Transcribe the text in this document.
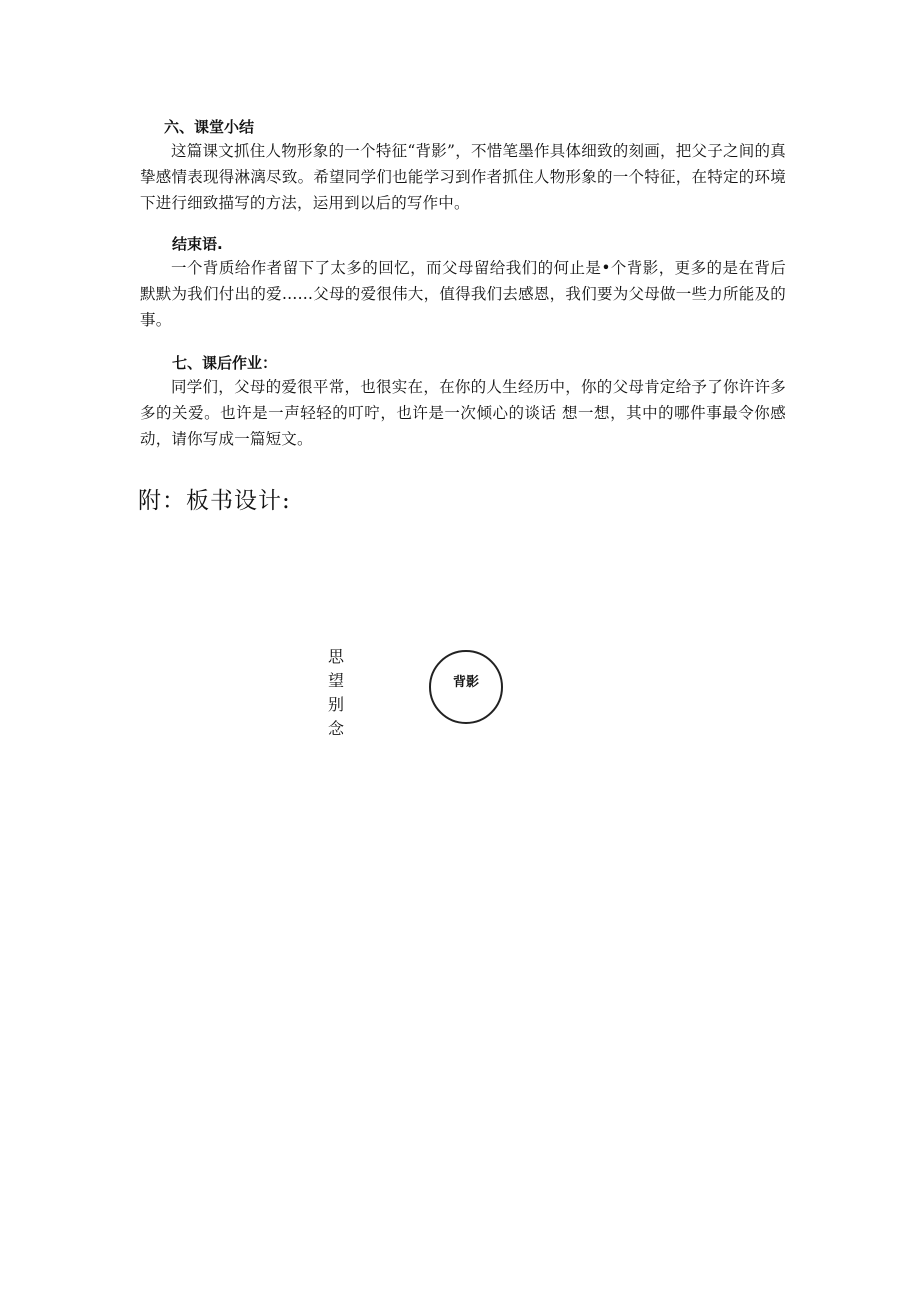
六、课堂小结

这篇课文抓住人物形象的一个特征“背影”，不惜笔墨作具体细致的刻画，把父子之间的真挚感情表现得淋漓尽致。希望同学们也能学习到作者抓住人物形象的一个特征，在特定的环境下进行细致描写的方法，运用到以后的写作中。

结束语.

一个背质给作者留下了太多的回忆，而父母留给我们的何止是•个背影，更多的是在背后默默为我们付出的爱……父母的爱很伟大，值得我们去感恩，我们要为父母做一些力所能及的事。

七、课后作业：

同学们，父母的爱很平常，也很实在，在你的人生经历中，你的父母肯定给予了你许许多多的关爱。也许是一声轻轻的叮咛，也许是一次倾心的谈话 想一想，其中的哪件事最令你感动，请你写成一篇短文。

附：板书设计:
思
望
别
念
背影
